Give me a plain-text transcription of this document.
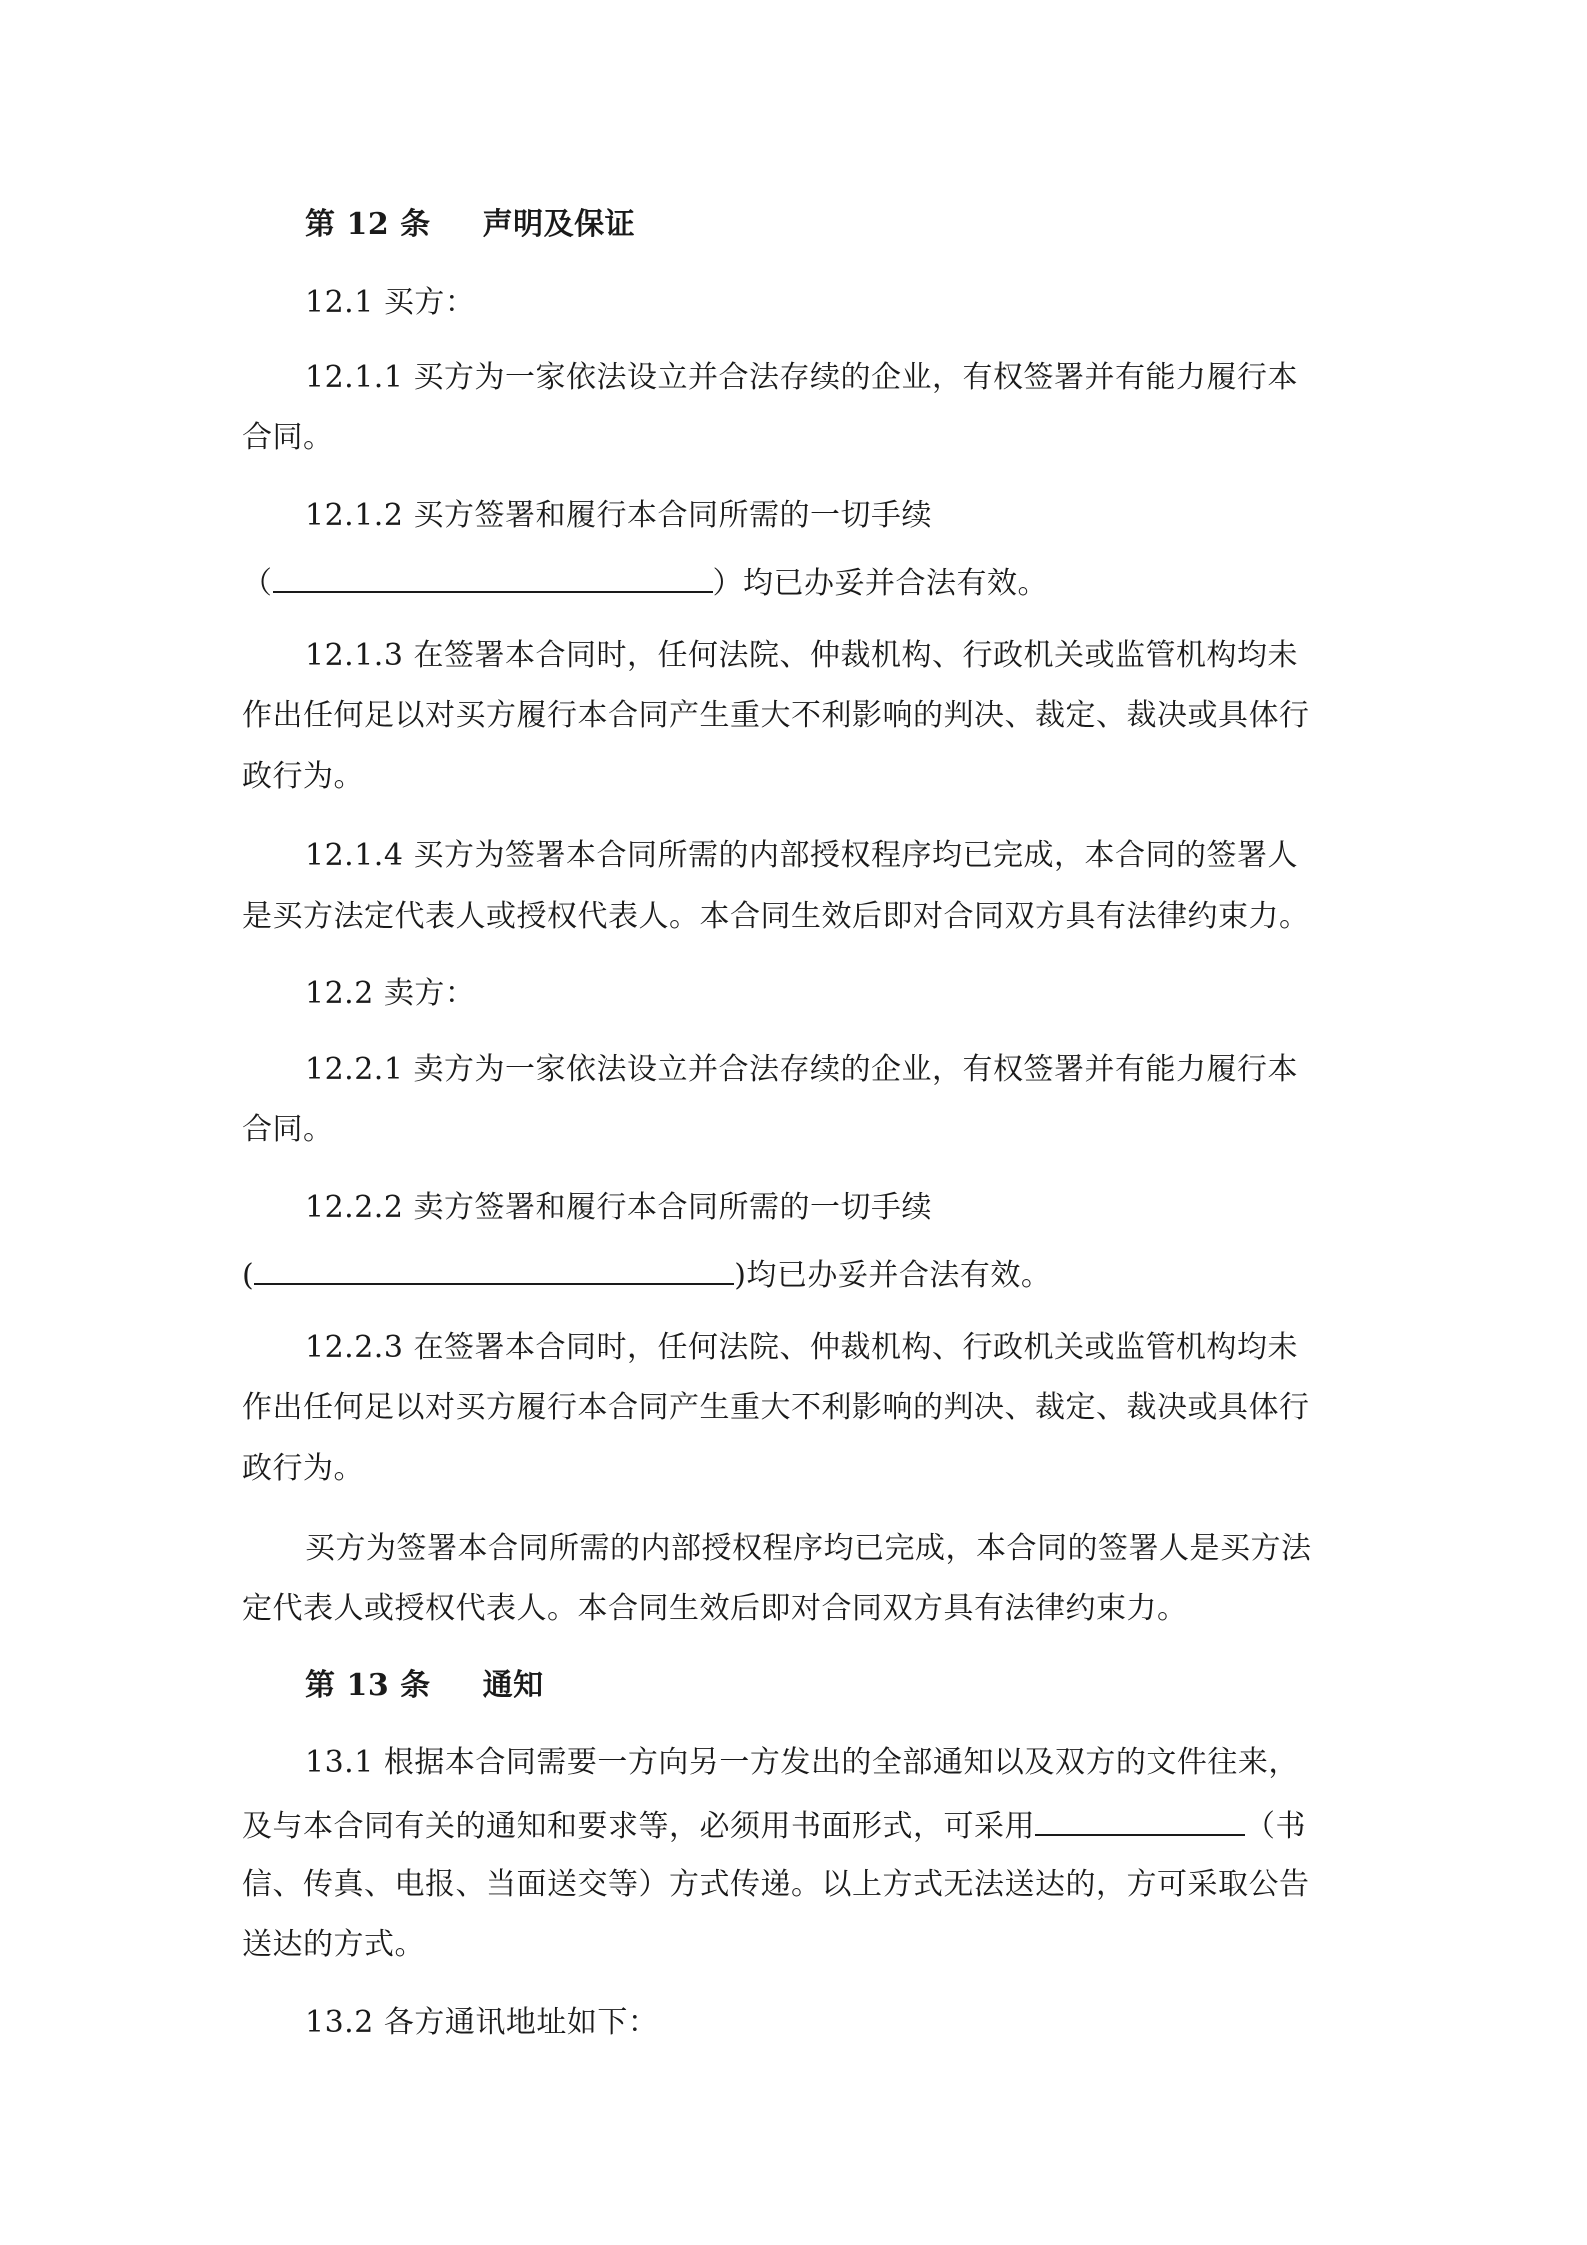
第 12 条 声明及保证
12.1 买方：
12.1.1 买方为一家依法设立并合法存续的企业，有权签署并有能力履行本
合同。
12.1.2 买方签署和履行本合同所需的一切手续
（	）均已办妥并合法有效。
12.1.3 在签署本合同时，任何法院、仲裁机构、行政机关或监管机构均未
作出任何足以对买方履行本合同产生重大不利影响的判决、裁定、裁决或具体行
政行为。
12.1.4 买方为签署本合同所需的内部授权程序均已完成，本合同的签署人
是买方法定代表人或授权代表人。本合同生效后即对合同双方具有法律约束力。
12.2 卖方：
12.2.1 卖方为一家依法设立并合法存续的企业，有权签署并有能力履行本
合同。
12.2.2 卖方签署和履行本合同所需的一切手续
(	)均已办妥并合法有效。
12.2.3 在签署本合同时，任何法院、仲裁机构、行政机关或监管机构均未
作出任何足以对买方履行本合同产生重大不利影响的判决、裁定、裁决或具体行
政行为。
买方为签署本合同所需的内部授权程序均已完成，本合同的签署人是买方法
定代表人或授权代表人。本合同生效后即对合同双方具有法律约束力。
第 13 条 通知
13.1 根据本合同需要一方向另一方发出的全部通知以及双方的文件往来，
及与本合同有关的通知和要求等，必须用书面形式，可采用	（书
信、传真、电报、当面送交等）方式传递。以上方式无法送达的，方可采取公告
送达的方式。
13.2 各方通讯地址如下：
